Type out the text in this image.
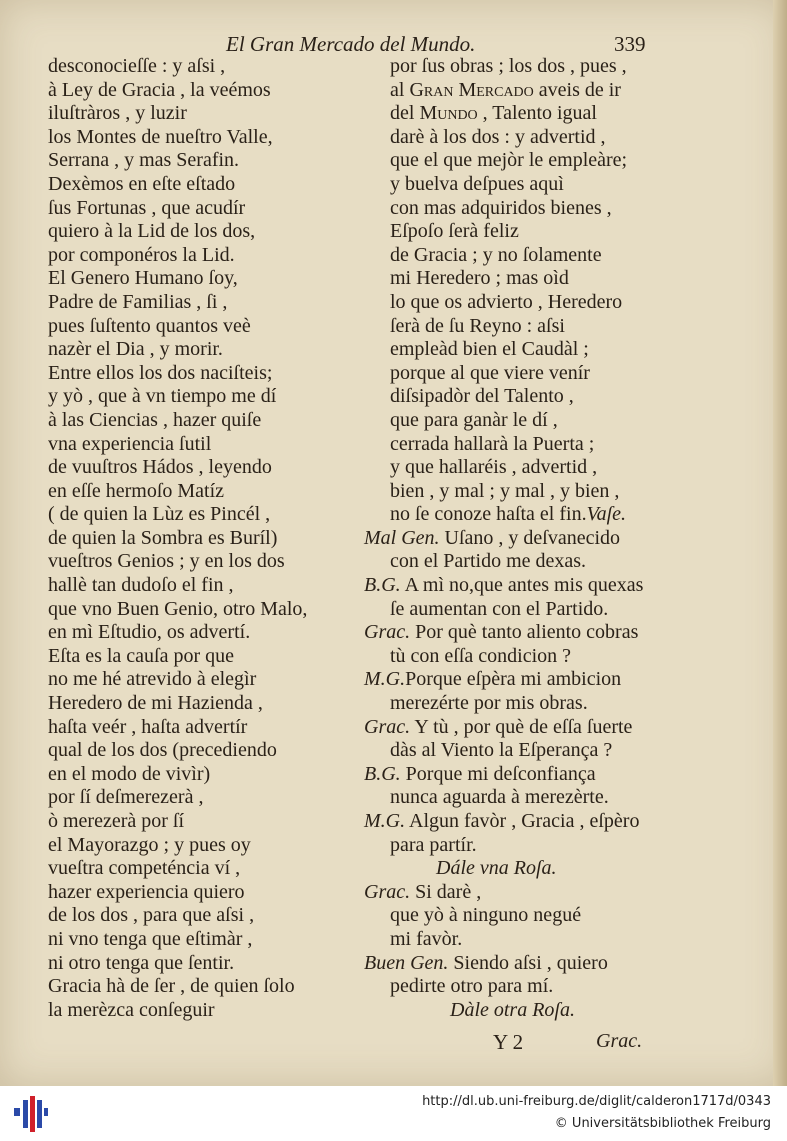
El Gran Mercado del Mundo.	339
desconocieſſe : y aſsi ,
à Ley de Gracia , la veémos
iluſtràros , y luzir
los Montes de nueſtro Valle,
Serrana , y mas Serafin.
Dexèmos en eſte eſtado
ſus Fortunas , que acudír
quiero à la Lid de los dos,
por componéros la Lid.
El Genero Humano ſoy,
Padre de Familias , ſi ,
pues ſuſtento quantos veè
nazèr el Dia , y morir.
Entre ellos los dos naciſteis;
y yò , que à vn tiempo me dí
à las Ciencias , hazer quiſe
vna experiencia ſutil
de vuuſtros Hádos , leyendo
en eſſe hermoſo Matíz
( de quien la Lùz es Pincél ,
de quien la Sombra es Buríl)
vueſtros Genios ; y en los dos
hallè tan dudoſo el fin ,
que vno Buen Genio, otro Malo,
en mì Eſtudio, os advertí.
Eſta es la cauſa por que
no me hé atrevido à elegìr
Heredero de mi Hazienda ,
haſta veér , haſta advertír
qual de los dos (precediendo
en el modo de vivìr)
por ſí deſmerezerà ,
ò merezerà por ſí
el Mayorazgo ; y pues oy
vueſtra competéncia ví ,
hazer experiencia quiero
de los dos , para que aſsi ,
ni vno tenga que eſtimàr ,
ni otro tenga que ſentir.
Gracia hà de ſer , de quien ſolo
la merèzca conſeguir
por ſus obras ; los dos , pues ,
al Gran Mercado aveis de ir
del Mundo , Talento igual
darè à los dos : y advertid ,
que el que mejòr le empleàre;
y buelva deſpues aquì
con mas adquiridos bienes ,
Eſpoſo ſerà feliz
de Gracia ; y no ſolamente
mi Heredero ; mas oìd
lo que os advierto , Heredero
ſerà de ſu Reyno : aſsi
empleàd bien el Caudàl ;
porque al que viere venír
diſsipadòr del Talento ,
que para ganàr le dí ,
cerrada hallarà la Puerta ;
y que hallaréis , advertid ,
bien , y mal ; y mal , y bien ,
no ſe conoze haſta el fin.Vaſe.
Mal Gen. Uſano , y deſvanecido
con el Partido me dexas.
B.G. A mì no,que antes mis quexas
ſe aumentan con el Partido.
Grac. Por què tanto aliento cobras
tù con eſſa condicion ?
M.G.Porque eſpèra mi ambicion
merezérte por mis obras.
Grac. Y tù , por què de eſſa ſuerte
dàs al Viento la Eſperança ?
B.G. Porque mi deſconfiança
nunca aguarda à merezèrte.
M.G. Algun favòr , Gracia , eſpèro
para partír.
Dále vna Roſa.
Grac. Si darè ,
que yò à ninguno negué
mi favòr.
Buen Gen. Siendo aſsi , quiero
pedirte otro para mí.
Dàle otra Roſa.
Y 2	Grac.
http://dl.ub.uni-freiburg.de/diglit/calderon1717d/0343
© Universitätsbibliothek Freiburg
